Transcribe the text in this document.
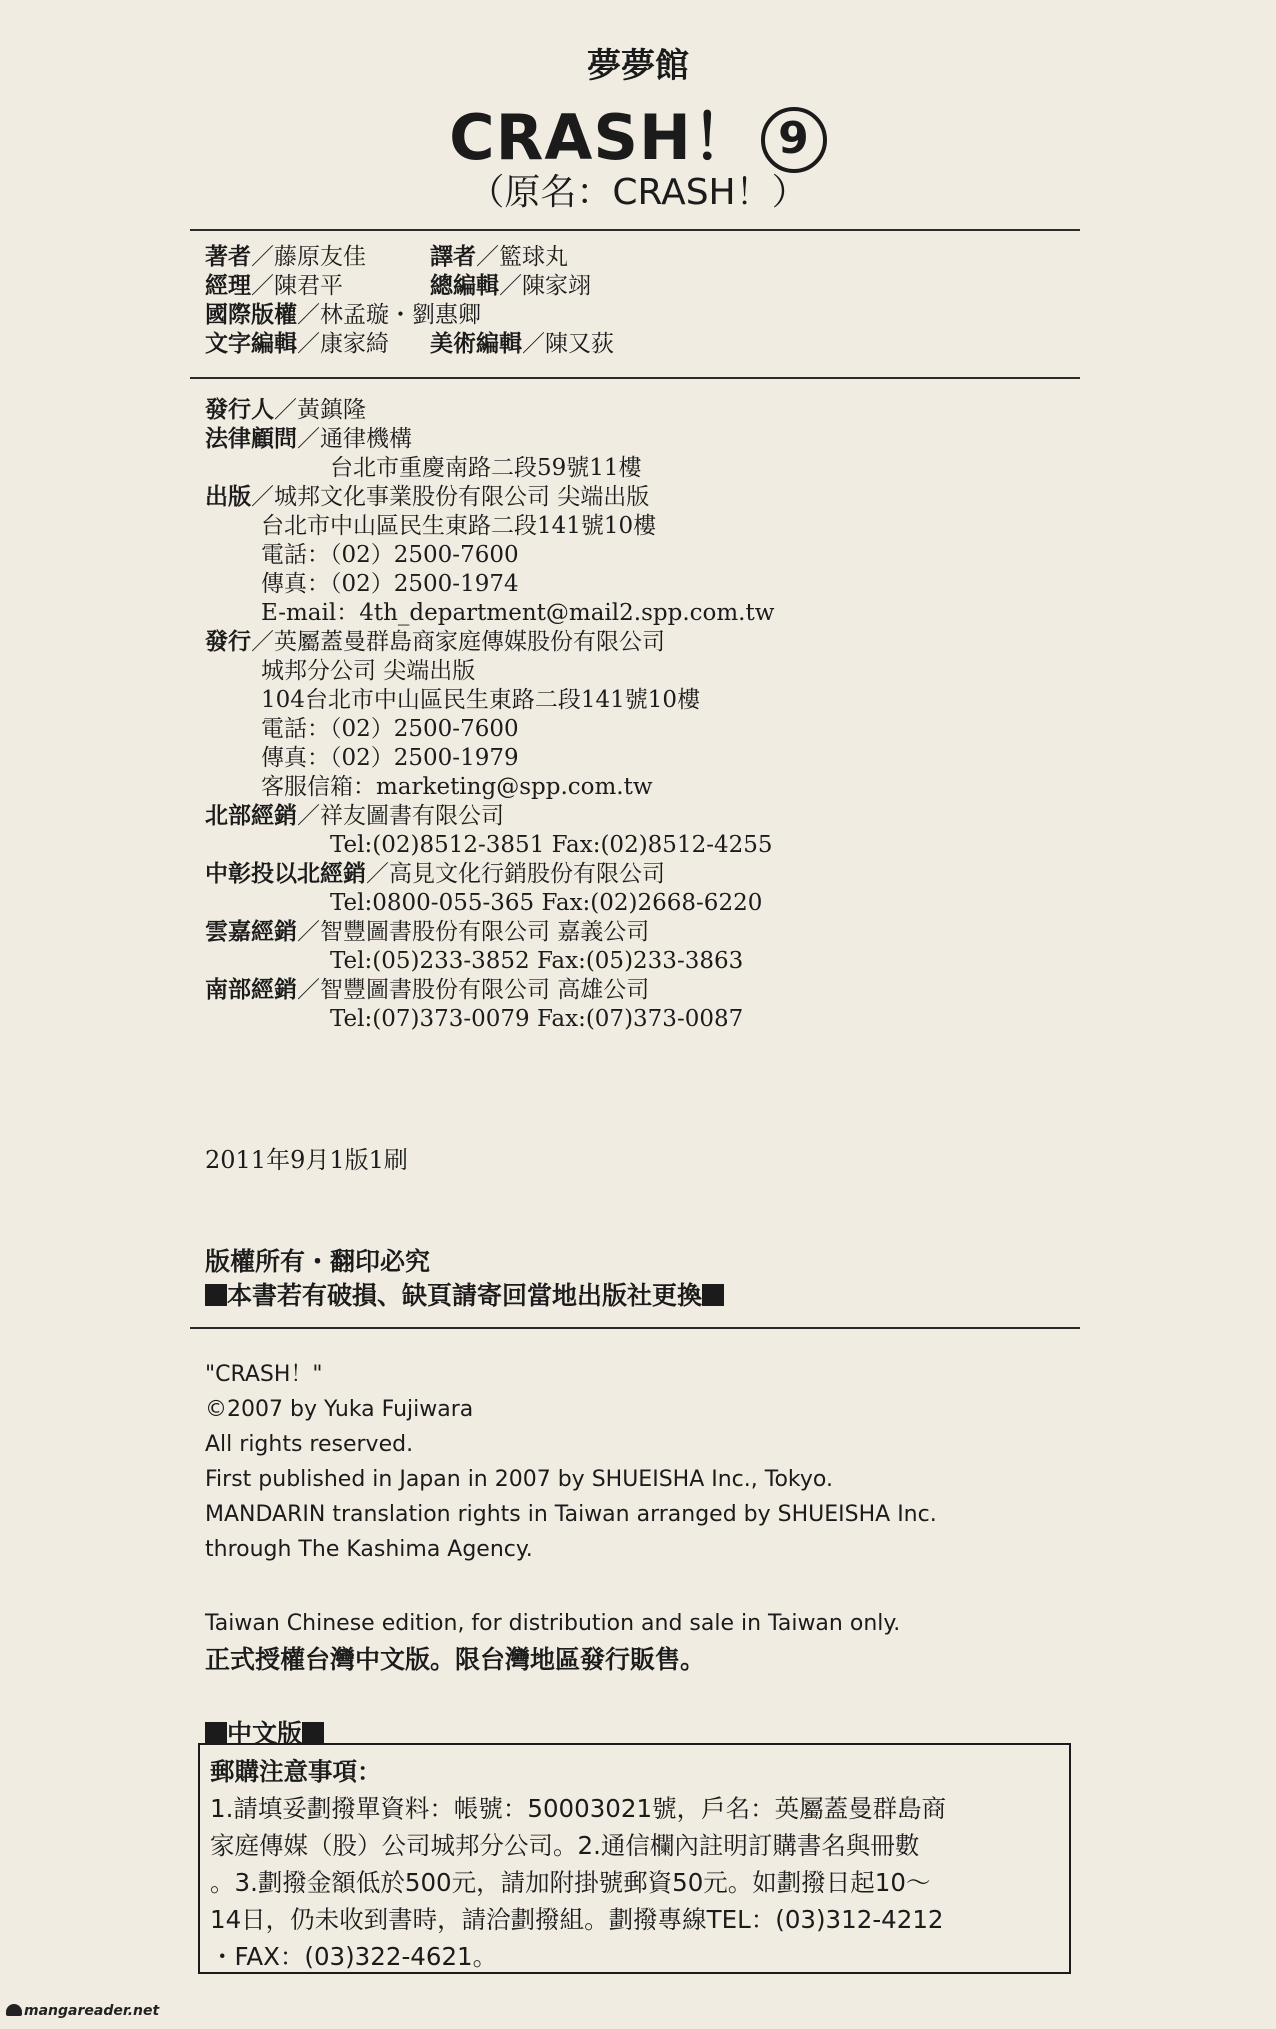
夢夢館
CRASH！ 9
（原名：CRASH！）
著者／藤原友佳	譯者／籃球丸
經理／陳君平	總編輯／陳家翊
國際版權／林孟璇・劉惠卿
文字編輯／康家綺 美術編輯／陳又荻
發行人／黃鎮隆
法律顧問／通律機構
台北市重慶南路二段59號11樓
出版／城邦文化事業股份有限公司 尖端出版
台北市中山區民生東路二段141號10樓
電話：（02）2500-7600
傳真：（02）2500-1974
E-mail：4th_department@mail2.spp.com.tw
發行／英屬蓋曼群島商家庭傳媒股份有限公司
城邦分公司 尖端出版
104台北市中山區民生東路二段141號10樓
電話：（02）2500-7600
傳真：（02）2500-1979
客服信箱：marketing@spp.com.tw
北部經銷／祥友圖書有限公司
Tel:(02)8512-3851 Fax:(02)8512-4255
中彰投以北經銷／高見文化行銷股份有限公司
Tel:0800-055-365 Fax:(02)2668-6220
雲嘉經銷／智豐圖書股份有限公司 嘉義公司
Tel:(05)233-3852 Fax:(05)233-3863
南部經銷／智豐圖書股份有限公司 高雄公司
Tel:(07)373-0079 Fax:(07)373-0087
2011年9月1版1刷
版權所有・翻印必究
本書若有破損、缺頁請寄回當地出版社更換
"CRASH！"
©2007 by Yuka Fujiwara
All rights reserved.
First published in Japan in 2007 by SHUEISHA Inc., Tokyo.
MANDARIN translation rights in Taiwan arranged by SHUEISHA Inc.
through The Kashima Agency.
Taiwan Chinese edition, for distribution and sale in Taiwan only.
正式授權台灣中文版。限台灣地區發行販售。
中文版
郵購注意事項：
1.請填妥劃撥單資料：帳號：50003021號，戶名：英屬蓋曼群島商
家庭傳媒（股）公司城邦分公司。2.通信欄內註明訂購書名與冊數
。3.劃撥金額低於500元，請加附掛號郵資50元。如劃撥日起10～
14日，仍未收到書時，請洽劃撥組。劃撥專線TEL：(03)312-4212
・FAX：(03)322-4621。
mangareader.net
